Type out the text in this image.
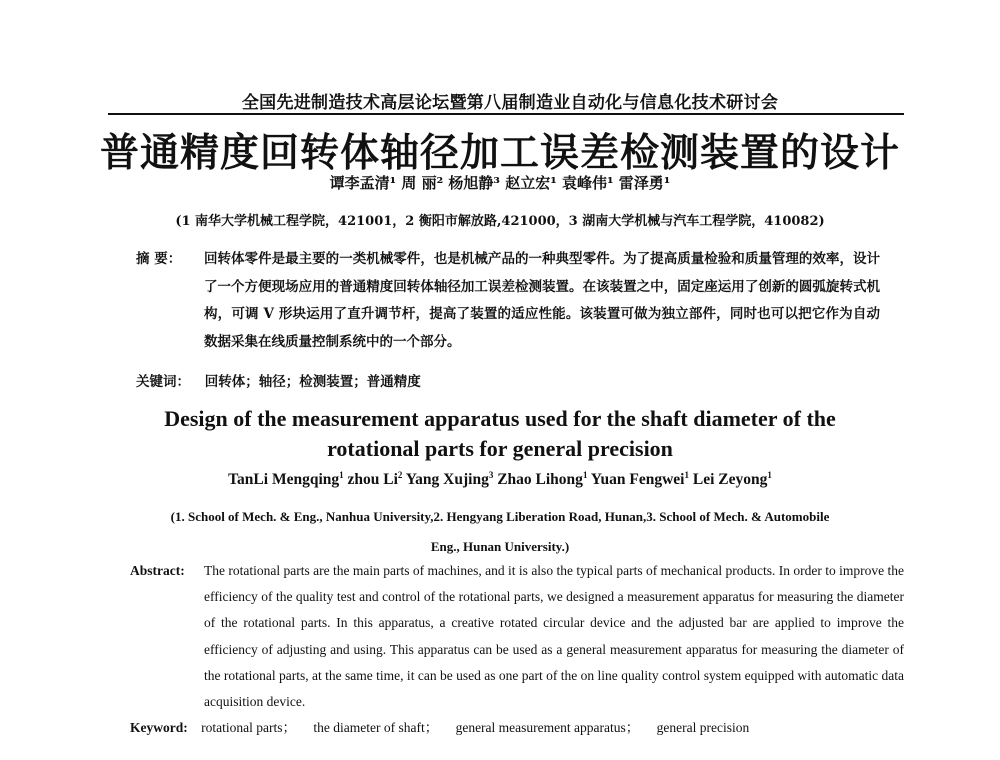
全国先进制造技术高层论坛暨第八届制造业自动化与信息化技术研讨会
普通精度回转体轴径加工误差检测装置的设计
谭李孟清¹ 周 丽² 杨旭静³ 赵立宏¹ 袁峰伟¹ 雷泽勇¹
(1 南华大学机械工程学院，421001，2 衡阳市解放路,421000，3 湖南大学机械与汽车工程学院，410082)
摘 要： 回转体零件是最主要的一类机械零件，也是机械产品的一种典型零件。为了提高质量检验和质量管理的效率，设计了一个方便现场应用的普通精度回转体轴径加工误差检测装置。在该装置之中，固定座运用了创新的圆弧旋转式机构，可调 V 形块运用了直升调节杆，提高了装置的适应性能。该装置可做为独立部件，同时也可以把它作为自动数据采集在线质量控制系统中的一个部分。
关键词： 回转体；轴径；检测装置；普通精度
Design of the measurement apparatus used for the shaft diameter of the
rotational parts for general precision
TanLi Mengqing$^1$ zhou Li$^2$ Yang Xujing$^3$ Zhao Lihong$^1$ Yuan Fengwei$^1$ Lei Zeyong$^1$
(1. School of Mech. & Eng., Nanhua University,2. Hengyang Liberation Road, Hunan,3. School of Mech. & Automobile
Eng., Hunan University.)
Abstract: The rotational parts are the main parts of machines, and it is also the typical parts of mechanical products. In order to improve the efficiency of the quality test and control of the rotational parts, we designed a measurement apparatus for measuring the diameter of the rotational parts. In this apparatus, a creative rotated circular device and the adjusted bar are applied to improve the efficiency of adjusting and using. This apparatus can be used as a general measurement apparatus for measuring the diameter of the rotational parts, at the same time, it can be used as one part of the on line quality control system equipped with automatic data acquisition device.
Keyword: rotational parts； the diameter of shaft； general measurement apparatus； general precision
